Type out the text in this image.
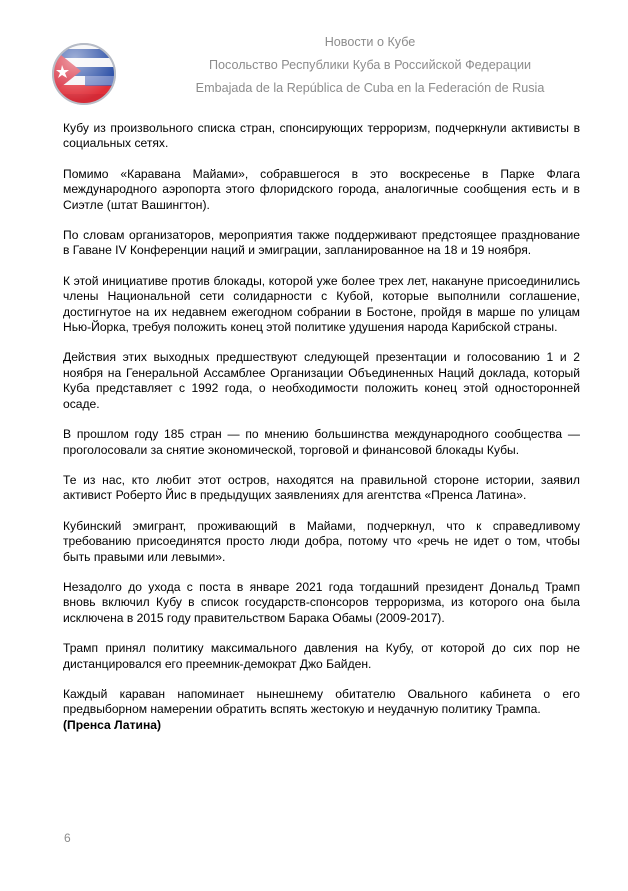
Новости о Кубе
Посольство Республики Куба в Российской Федерации
Embajada de la República de Cuba en la Federación de Rusia

Кубу из произвольного списка стран, спонсирующих терроризм, подчеркнули активисты в социальных сетях.

Помимо «Каравана Майами», собравшегося в это воскресенье в Парке Флага международного аэропорта этого флоридского города, аналогичные сообщения есть и в Сиэтле (штат Вашингтон).

По словам организаторов, мероприятия также поддерживают предстоящее празднование в Гаване IV Конференции наций и эмиграции, запланированное на 18 и 19 ноября.

К этой инициативе против блокады, которой уже более трех лет, накануне присоединились члены Национальной сети солидарности с Кубой, которые выполнили соглашение, достигнутое на их недавнем ежегодном собрании в Бостоне, пройдя в марше по улицам Нью-Йорка, требуя положить конец этой политике удушения народа Карибской страны.

Действия этих выходных предшествуют следующей презентации и голосованию 1 и 2 ноября на Генеральной Ассамблее Организации Объединенных Наций доклада, который Куба представляет с 1992 года, о необходимости положить конец этой односторонней осаде.

В прошлом году 185 стран — по мнению большинства международного сообщества — проголосовали за снятие экономической, торговой и финансовой блокады Кубы.

Те из нас, кто любит этот остров, находятся на правильной стороне истории, заявил активист Роберто Йис в предыдущих заявлениях для агентства «Пренса Латина».

Кубинский эмигрант, проживающий в Майами, подчеркнул, что к справедливому требованию присоединятся просто люди добра, потому что «речь не идет о том, чтобы быть правыми или левыми».

Незадолго до ухода с поста в январе 2021 года тогдашний президент Дональд Трамп вновь включил Кубу в список государств-спонсоров терроризма, из которого она была исключена в 2015 году правительством Барака Обамы (2009-2017).

Трамп принял политику максимального давления на Кубу, от которой до сих пор не дистанцировался его преемник-демократ Джо Байден.

Каждый караван напоминает нынешнему обитателю Овального кабинета о его предвыборном намерении обратить вспять жестокую и неудачную политику Трампа.
(Пренса Латина)

6
